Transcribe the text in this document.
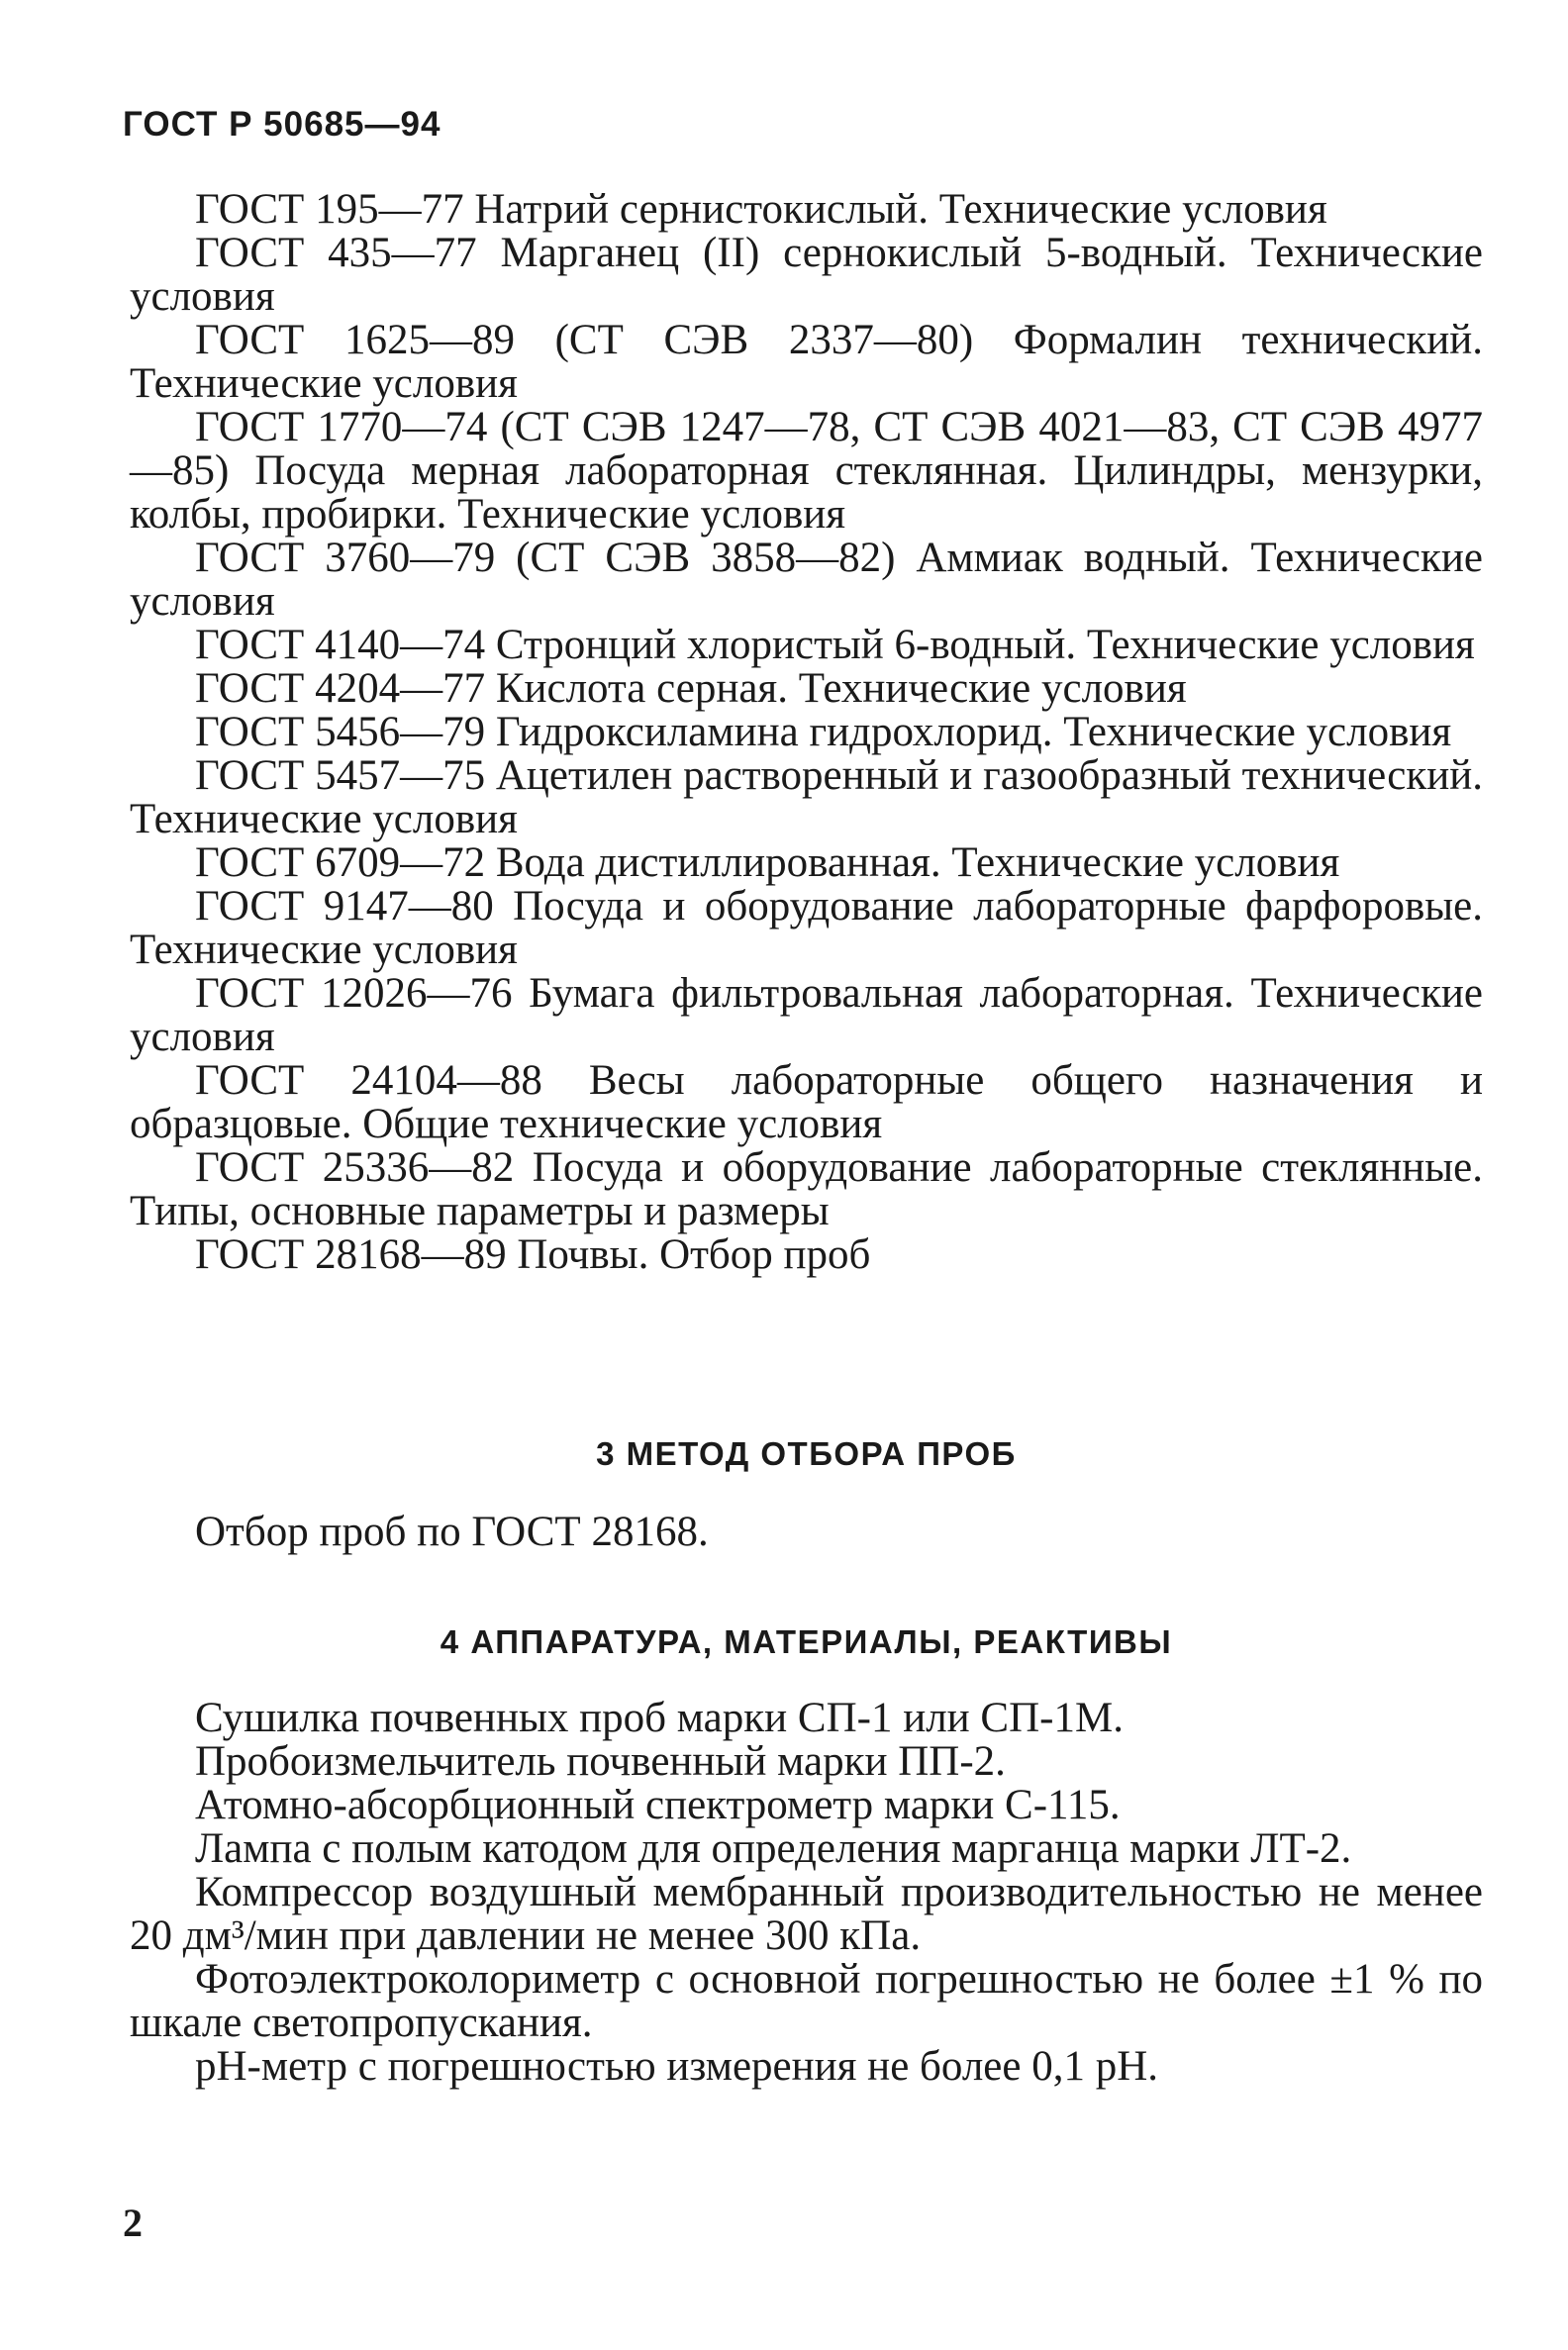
ГОСТ Р 50685—94

ГОСТ 195—77 Натрий сернистокислый. Технические условия

ГОСТ 435—77 Марганец (II) сернокислый 5-водный. Технические условия

ГОСТ 1625—89 (СТ СЭВ 2337—80) Формалин технический. Технические условия

ГОСТ 1770—74 (СТ СЭВ 1247—78, СТ СЭВ 4021—83, СТ СЭВ 4977—85) Посуда мерная лабораторная стеклянная. Цилиндры, мензурки, колбы, пробирки. Технические условия

ГОСТ 3760—79 (СТ СЭВ 3858—82) Аммиак водный. Технические условия

ГОСТ 4140—74 Стронций хлористый 6-водный. Технические условия

ГОСТ 4204—77 Кислота серная. Технические условия

ГОСТ 5456—79 Гидроксиламина гидрохлорид. Технические условия

ГОСТ 5457—75 Ацетилен растворенный и газообразный технический. Технические условия

ГОСТ 6709—72 Вода дистиллированная. Технические условия

ГОСТ 9147—80 Посуда и оборудование лабораторные фарфоровые. Технические условия

ГОСТ 12026—76 Бумага фильтровальная лабораторная. Технические условия

ГОСТ 24104—88 Весы лабораторные общего назначения и образцовые. Общие технические условия

ГОСТ 25336—82 Посуда и оборудование лабораторные стеклянные. Типы, основные параметры и размеры

ГОСТ 28168—89 Почвы. Отбор проб

3 МЕТОД ОТБОРА ПРОБ

Отбор проб по ГОСТ 28168.

4 АППАРАТУРА, МАТЕРИАЛЫ, РЕАКТИВЫ

Сушилка почвенных проб марки СП-1 или СП-1М.

Пробоизмельчитель почвенный марки ПП-2.

Атомно-абсорбционный спектрометр марки С-115.

Лампа с полым катодом для определения марганца марки ЛТ-2.

Компрессор воздушный мембранный производительностью не менее 20 дм³/мин при давлении не менее 300 кПа.

Фотоэлектроколориметр с основной погрешностью не более ±1 % по шкале светопропускания.

pH-метр с погрешностью измерения не более 0,1 pH.

2
